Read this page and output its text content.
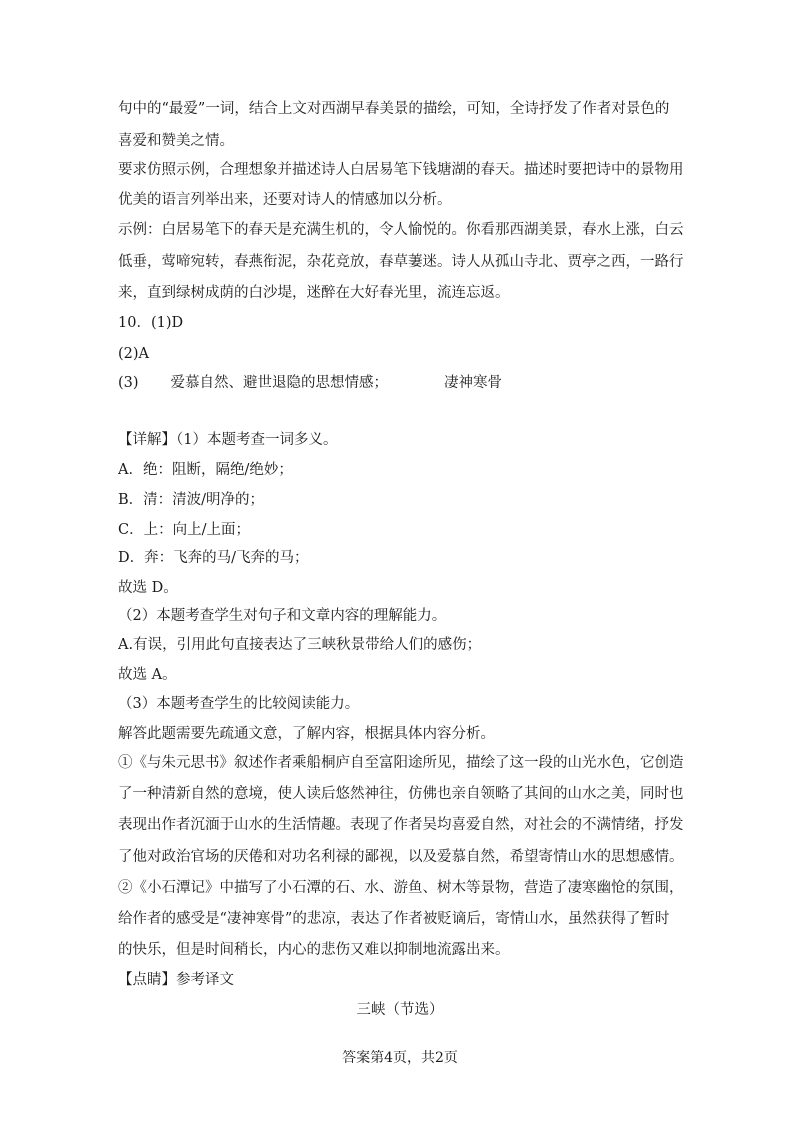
句中的“最爱”一词，结合上文对西湖早春美景的描绘，可知，全诗抒发了作者对景色的
喜爱和赞美之情。
要求仿照示例，合理想象并描述诗人白居易笔下钱塘湖的春天。描述时要把诗中的景物用
优美的语言列举出来，还要对诗人的情感加以分析。
示例：白居易笔下的春天是充满生机的，令人愉悦的。你看那西湖美景，春水上涨，白云
低垂，莺啼宛转，春燕衔泥，杂花竞放，春草萋迷。诗人从孤山寺北、贾亭之西，一路行
来，直到绿树成荫的白沙堤，迷醉在大好春光里，流连忘返。
10．(1)D
(2)A
(3) 爱慕自然、避世退隐的思想情感；	凄神寒骨
【详解】（1）本题考查一词多义。
A．绝：阻断，隔绝/绝妙；
B．清：清波/明净的；
C．上：向上/上面；
D．奔：飞奔的马/飞奔的马；
故选 D。
（2）本题考查学生对句子和文章内容的理解能力。
A.有误，引用此句直接表达了三峡秋景带给人们的感伤；
故选 A。
（3）本题考查学生的比较阅读能力。
解答此题需要先疏通文意，了解内容，根据具体内容分析。
①《与朱元思书》叙述作者乘船桐庐自至富阳途所见，描绘了这一段的山光水色，它创造
了一种清新自然的意境，使人读后悠然神往，仿佛也亲自领略了其间的山水之美，同时也
表现出作者沉湎于山水的生活情趣。表现了作者吴均喜爱自然，对社会的不满情绪，抒发
了他对政治官场的厌倦和对功名利禄的鄙视，以及爱慕自然，希望寄情山水的思想感情。
②《小石潭记》中描写了小石潭的石、水、游鱼、树木等景物，营造了凄寒幽怆的氛围，
给作者的感受是“凄神寒骨”的悲凉，表达了作者被贬谪后，寄情山水，虽然获得了暂时
的快乐，但是时间稍长，内心的悲伤又难以抑制地流露出来。
【点睛】参考译文
三峡（节选）
答案第4页，共2页
